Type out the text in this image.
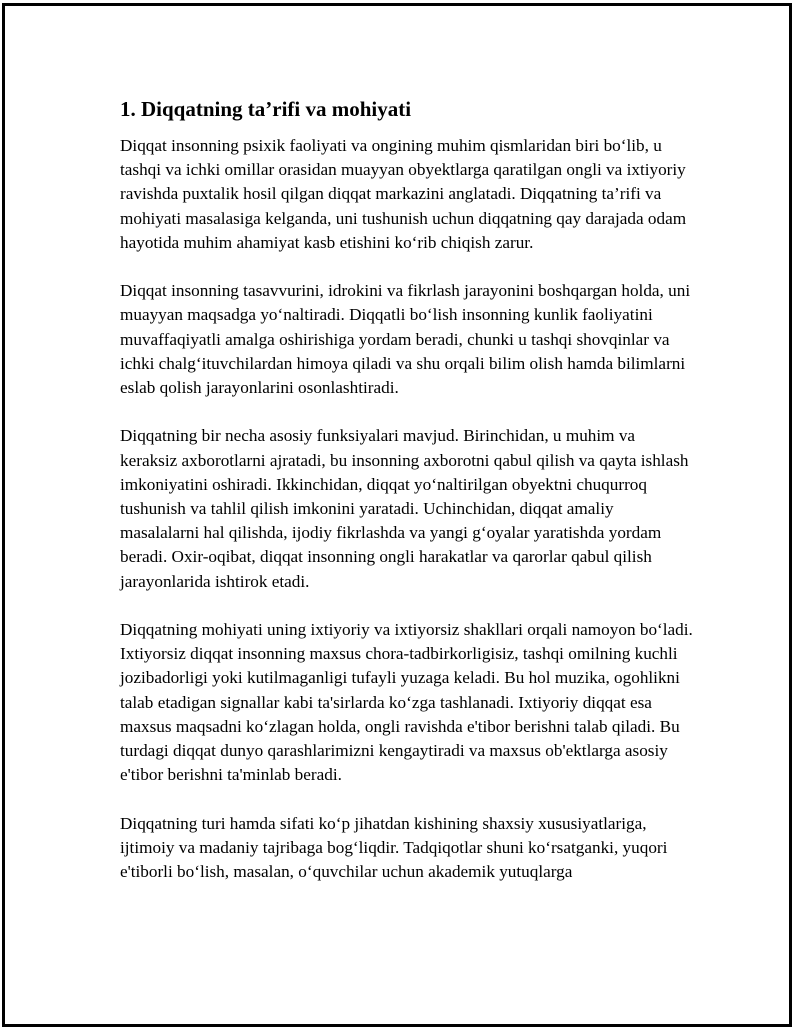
1. Diqqatning ta’rifi va mohiyati

Diqqat insonning psixik faoliyati va ongining muhim qismlaridan biri bo‘lib, u tashqi va ichki omillar orasidan muayyan obyektlarga qaratilgan ongli va ixtiyoriy ravishda puxtalik hosil qilgan diqqat markazini anglatadi. Diqqatning ta’rifi va mohiyati masalasiga kelganda, uni tushunish uchun diqqatning qay darajada odam hayotida muhim ahamiyat kasb etishini ko‘rib chiqish zarur.

Diqqat insonning tasavvurini, idrokini va fikrlash jarayonini boshqargan holda, uni muayyan maqsadga yo‘naltiradi. Diqqatli bo‘lish insonning kunlik faoliyatini muvaffaqiyatli amalga oshirishiga yordam beradi, chunki u tashqi shovqinlar va ichki chalg‘ituvchilardan himoya qiladi va shu orqali bilim olish hamda bilimlarni eslab qolish jarayonlarini osonlashtiradi.

Diqqatning bir necha asosiy funksiyalari mavjud. Birinchidan, u muhim va keraksiz axborotlarni ajratadi, bu insonning axborotni qabul qilish va qayta ishlash imkoniyatini oshiradi. Ikkinchidan, diqqat yo‘naltirilgan obyektni chuqurroq tushunish va tahlil qilish imkonini yaratadi. Uchinchidan, diqqat amaliy masalalarni hal qilishda, ijodiy fikrlashda va yangi g‘oyalar yaratishda yordam beradi. Oxir-oqibat, diqqat insonning ongli harakatlar va qarorlar qabul qilish jarayonlarida ishtirok etadi.

Diqqatning mohiyati uning ixtiyoriy va ixtiyorsiz shakllari orqali namoyon bo‘ladi. Ixtiyorsiz diqqat insonning maxsus chora-tadbirkorligisiz, tashqi omilning kuchli jozibadorligi yoki kutilmaganligi tufayli yuzaga keladi. Bu hol muzika, ogohlikni talab etadigan signallar kabi ta'sirlarda ko‘zga tashlanadi. Ixtiyoriy diqqat esa maxsus maqsadni ko‘zlagan holda, ongli ravishda e'tibor berishni talab qiladi. Bu turdagi diqqat dunyo qarashlarimizni kengaytiradi va maxsus ob'ektlarga asosiy e'tibor berishni ta'minlab beradi.

Diqqatning turi hamda sifati ko‘p jihatdan kishining shaxsiy xususiyatlariga, ijtimoiy va madaniy tajribaga bog‘liqdir. Tadqiqotlar shuni ko‘rsatganki, yuqori e'tiborli bo‘lish, masalan, o‘quvchilar uchun akademik yutuqlarga
